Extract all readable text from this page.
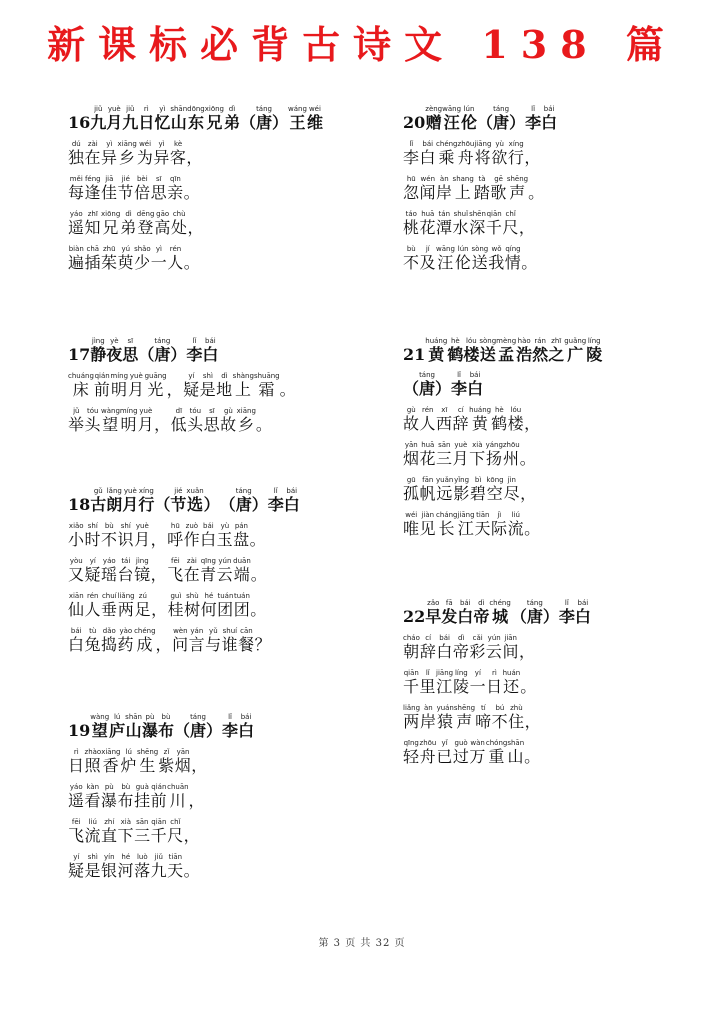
新课标必背古诗文 138 篇
16 九jiǔ月yuè九jiǔ日rì忆yì山shān东dōng兄xiōng弟dì（唐táng）王wáng维wéi
独dú在zài异yì乡xiāng为wéi异yì客kè，
每měi逢féng佳jiā节jié倍bèi思sī亲qīn。
遥yáo知zhī兄xiōng弟dì登dēng高gāo处chù，
遍biàn插chā茱zhū萸yú少shǎo一yì人rén。
17 静jìng夜yè思sī（唐táng）李lǐ白bái
床chuáng前qián明míng月yuè光guāng，疑yí是shì地dì上shàng霜shuāng。
举jǔ头tóu望wàng明míng月yuè，低dī头tóu思sī故gù乡xiāng。
18 古gǔ朗lǎng月yuè行xíng（节jié选xuǎn）（唐táng）李lǐ白bái
小xiǎo时shí不bù识shí月yuè，呼hū作zuò白bái玉yù盘pán。
又yòu疑yí瑶yáo台tái镜jìng，飞fēi在zài青qīng云yún端duān。
仙xiān人rén垂chuí两liǎng足zú，桂guì树shù何hé团tuán团tuán。
白bái兔tù捣dǎo药yào成chéng，问wèn言yán与yǔ谁shuí餐cān？
19 望wàng庐lú山shān瀑pù布bù（唐táng）李lǐ白bái
日rì照zhào香xiāng炉lú生shēng紫zǐ烟yān，
遥yáo看kàn瀑pù布bù挂guà前qián川chuān，
飞fēi流liú直zhí下xià三sān千qiān尺chǐ，
疑yí是shì银yín河hé落luò九jiǔ天tiān。
20 赠zèng汪wāng伦lún（唐táng）李lǐ白bái
李lǐ白bái乘chéng舟zhōu将jiāng欲yù行xíng，
忽hū闻wén岸àn上shang踏tà歌gē声shēng。
桃táo花huā潭tán水shuǐ深shēn千qiān尺chǐ，
不bù及jí汪wāng伦lún送sòng我wǒ情qíng。
21 黄huáng鹤hè楼lóu送sòng孟mèng浩hào然rán之zhī广guǎng陵líng
（唐táng）李lǐ白bái
故gù人rén西xī辞cí黄huáng鹤hè楼lóu，
烟yān花huā三sān月yuè下xià扬yáng州zhōu。
孤gū帆fān远yuǎn影yǐng碧bì空kōng尽jìn，
唯wéi见jiàn长cháng江jiāng天tiān际jì流liú。
22 早zǎo发fā白bái帝dì城chéng（唐táng）李lǐ白bái
朝cháo辞cí白bái帝dì彩cǎi云yún间jiān，
千qiān里lǐ江jiāng陵líng一yí日rì还huán。
两liǎng岸àn猿yuán声shēng啼tí不bú住zhù，
轻qīng舟zhōu已yǐ过guò万wàn重chóng山shān。
第 3 页 共 32 页
